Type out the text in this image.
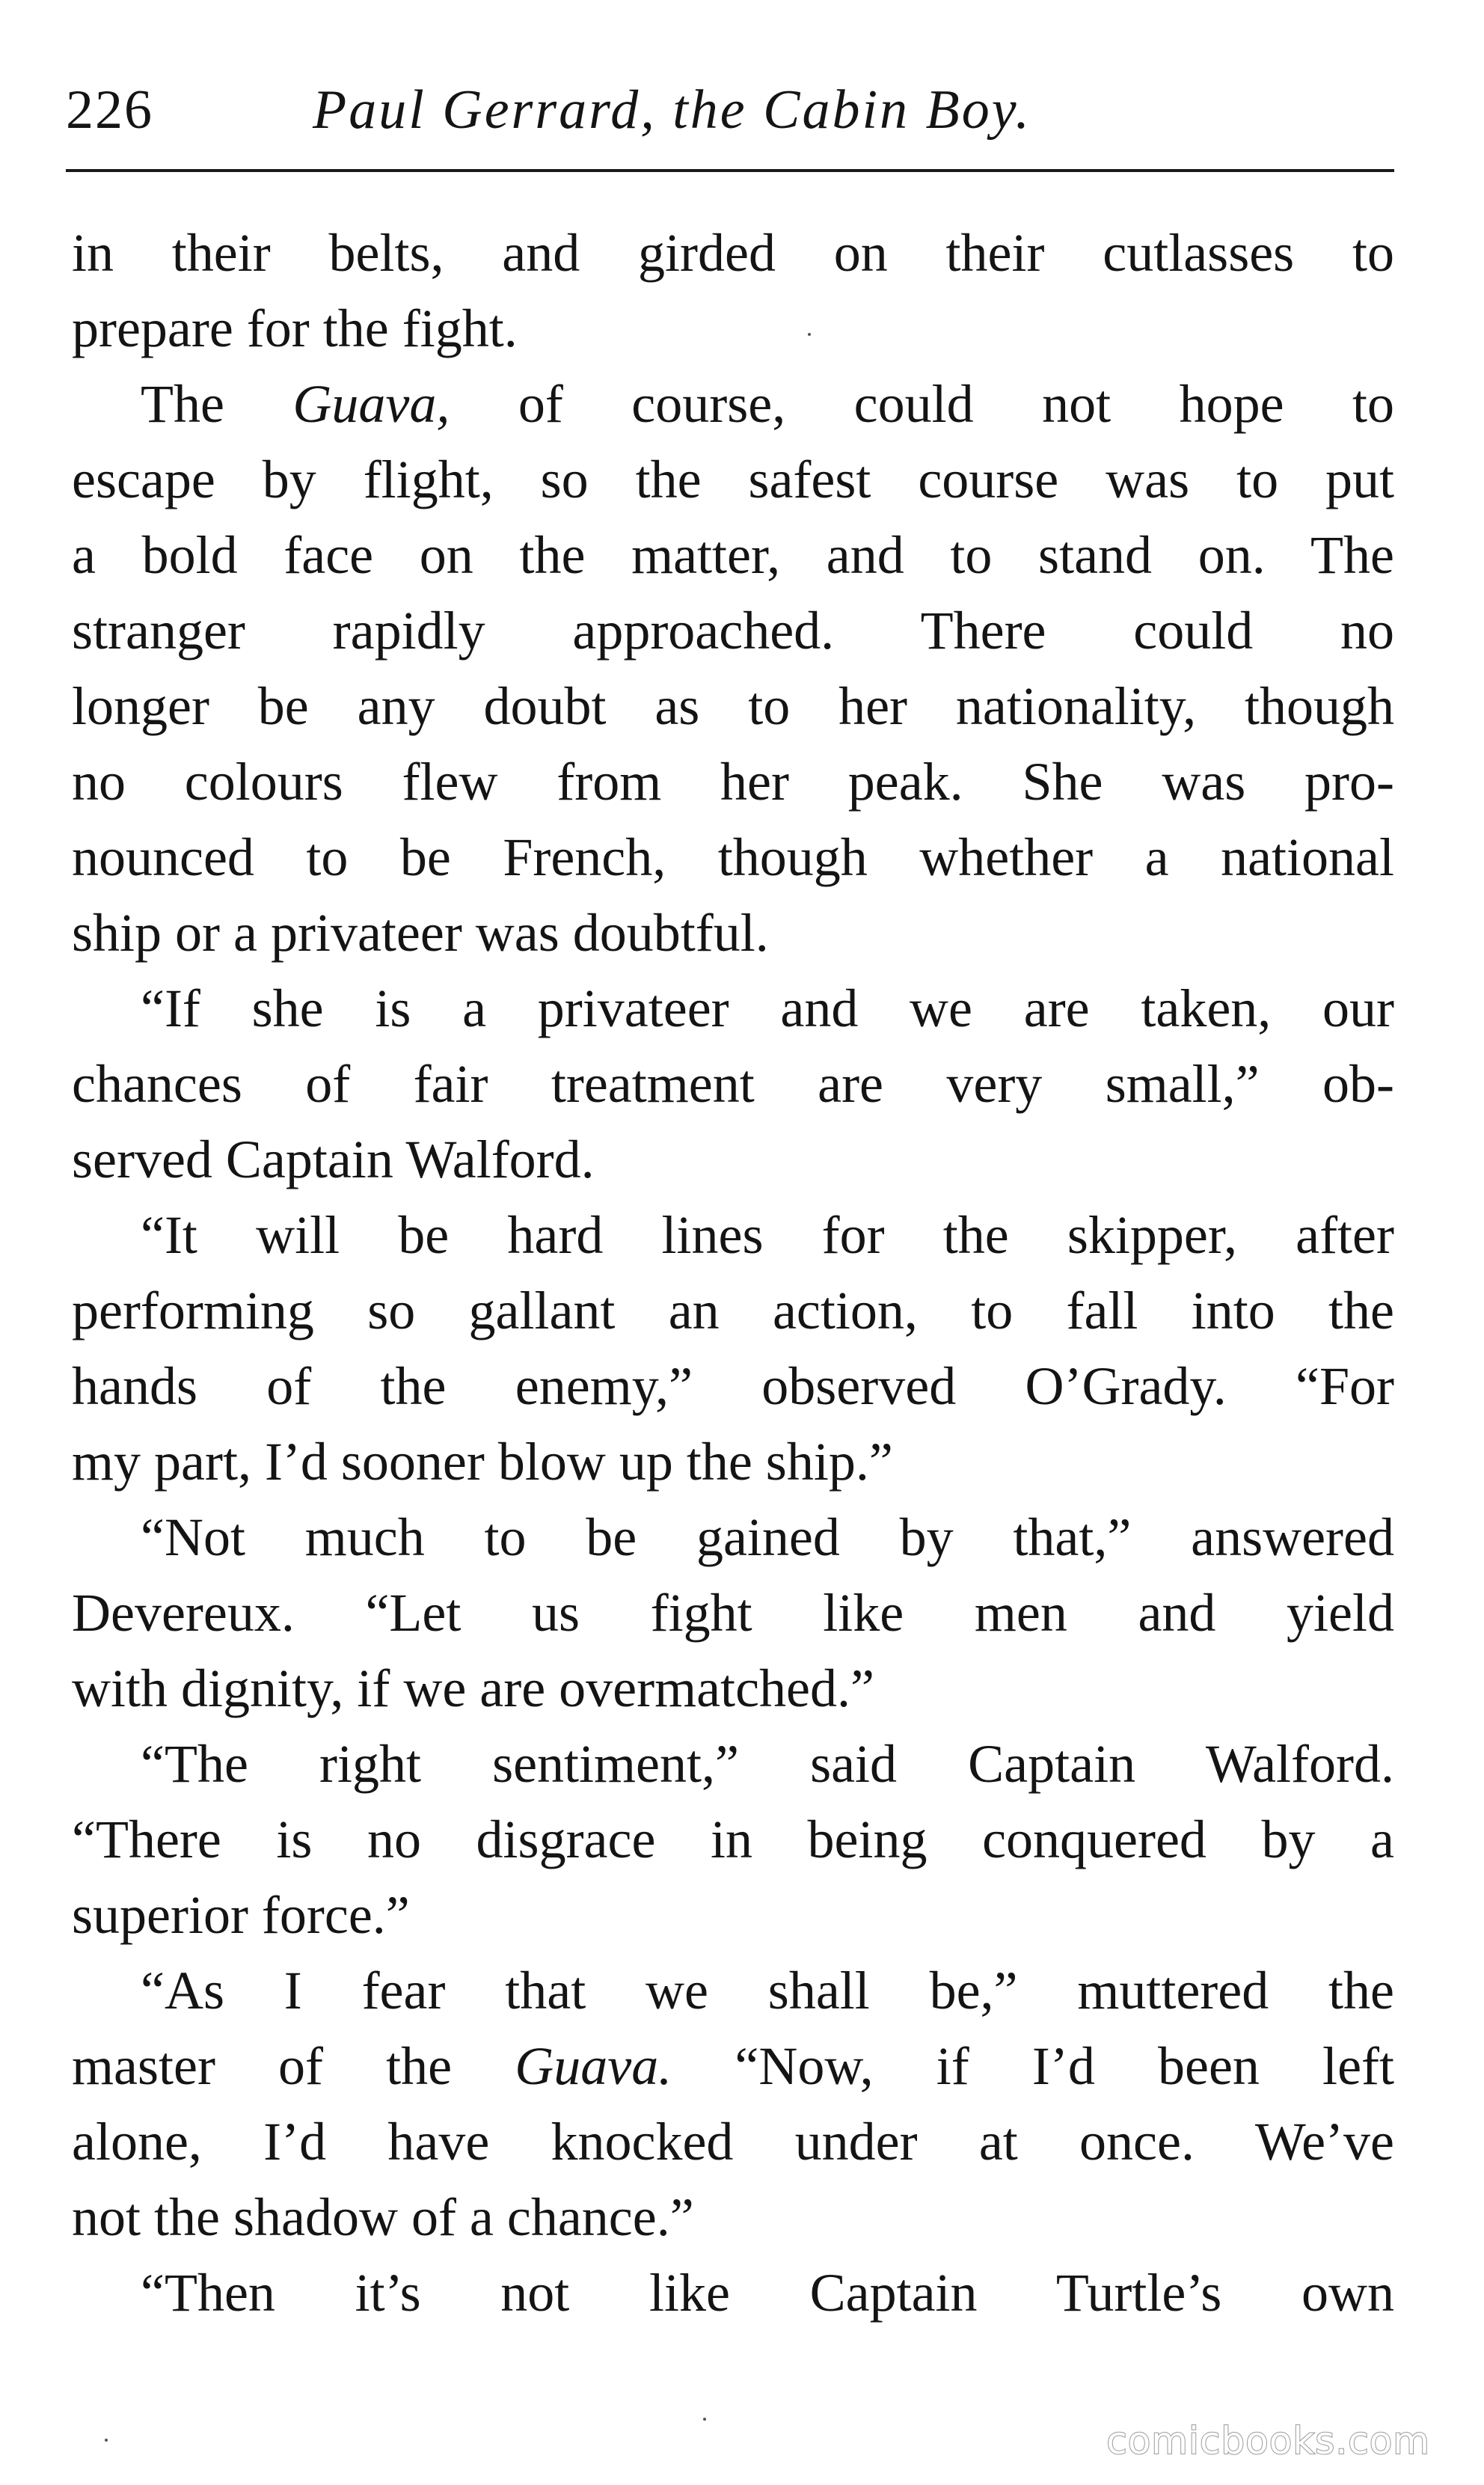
226	Paul Gerrard, the Cabin Boy.
in their belts, and girded on their cutlasses to
prepare for the fight.
The Guava, of course, could not hope to
escape by flight, so the safest course was to put
a bold face on the matter, and to stand on. The
stranger rapidly approached. There could no
longer be any doubt as to her nationality, though
no colours flew from her peak. She was pro-
nounced to be French, though whether a national
ship or a privateer was doubtful.
“If she is a privateer and we are taken, our
chances of fair treatment are very small,” ob-
served Captain Walford.
“It will be hard lines for the skipper, after
performing so gallant an action, to fall into the
hands of the enemy,” observed O’Grady. “For
my part, I’d sooner blow up the ship.”
“Not much to be gained by that,” answered
Devereux. “Let us fight like men and yield
with dignity, if we are overmatched.”
“The right sentiment,” said Captain Walford.
“There is no disgrace in being conquered by a
superior force.”
“As I fear that we shall be,” muttered the
master of the Guava. “Now, if I’d been left
alone, I’d have knocked under at once. We’ve
not the shadow of a chance.”
“Then it’s not like Captain Turtle’s own
comicbooks.com
